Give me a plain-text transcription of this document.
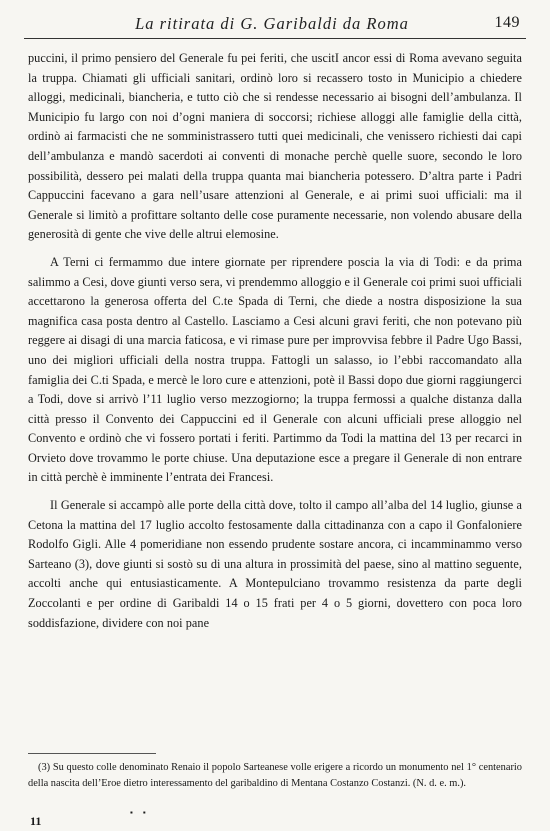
La ritirata di G. Garibaldi da Roma	149

puccini, il primo pensiero del Generale fu pei feriti, che uscitI ancor essi di Roma avevano seguita la truppa. Chiamati gli ufficiali sanitari, ordinò loro si recassero tosto in Municipio a chiedere alloggi, medicinali, biancheria, e tutto ciò che si rendesse necessario ai bisogni dell’ambulanza. Il Municipio fu largo con noi d’ogni maniera di soccorsi; richiese alloggi alle famiglie della città, ordinò ai farmacisti che ne somministrassero tutti quei medicinali, che venissero richiesti dai capi dell’ambulanza e mandò sacerdoti ai conventi di monache perchè quelle suore, secondo le loro possibilità, dessero pei malati della truppa quanta mai biancheria potessero. D’altra parte i Padri Cappuccini facevano a gara nell’usare attenzioni al Generale, e ai primi suoi ufficiali: ma il Generale si limitò a profittare soltanto delle cose puramente necessarie, non volendo abusare della generosità di gente che vive delle altrui elemosine.

A Terni ci fermammo due intere giornate per riprendere poscia la via di Todi: e da prima salimmo a Cesi, dove giunti verso sera, vi prendemmo alloggio e il Generale coi primi suoi ufficiali accettarono la generosa offerta del C.te Spada di Terni, che diede a nostra disposizione la sua magnifica casa posta dentro al Castello. Lasciamo a Cesi alcuni gravi feriti, che non potevano più reggere ai disagi di una marcia faticosa, e vi rimase pure per improvvisa febbre il Padre Ugo Bassi, uno dei migliori ufficiali della nostra truppa. Fattogli un salasso, io l’ebbi raccomandato alla famiglia dei C.ti Spada, e mercè le loro cure e attenzioni, potè il Bassi dopo due giorni raggiungerci a Todi, dove si arrivò l’11 luglio verso mezzogiorno; la truppa fermossi a qualche distanza dalla città presso il Convento dei Cappuccini ed il Generale con alcuni ufficiali prese alloggio nel Convento e ordinò che vi fossero portati i feriti. Partimmo da Todi la mattina del 13 per recarci in Orvieto dove trovammo le porte chiuse. Una deputazione esce a pregare il Generale di non entrare in città perchè è imminente l’entrata dei Francesi.

Il Generale si accampò alle porte della città dove, tolto il campo all’alba del 14 luglio, giunse a Cetona la mattina del 17 luglio accolto festosamente dalla cittadinanza con a capo il Gonfaloniere Rodolfo Gigli. Alle 4 pomeridiane non essendo prudente sostare ancora, ci incamminammo verso Sarteano (3), dove giunti si sostò su di una altura in prossimità del paese, sino al mattino seguente, accolti anche qui entusiasticamente. A Montepulciano trovammo resistenza da parte degli Zoccolanti e per ordine di Garibaldi 14 o 15 frati per 4 o 5 giorni, dovettero con poca loro soddisfazione, dividere con noi pane

(3) Su questo colle denominato Renaio il popolo Sarteanese volle erigere a ricordo un monumento nel 1° centenario della nascita dell’Eroe dietro interessamento del garibaldino di Mentana Costanzo Costanzi. (N. d. e. m.).

▪ ▪
11
